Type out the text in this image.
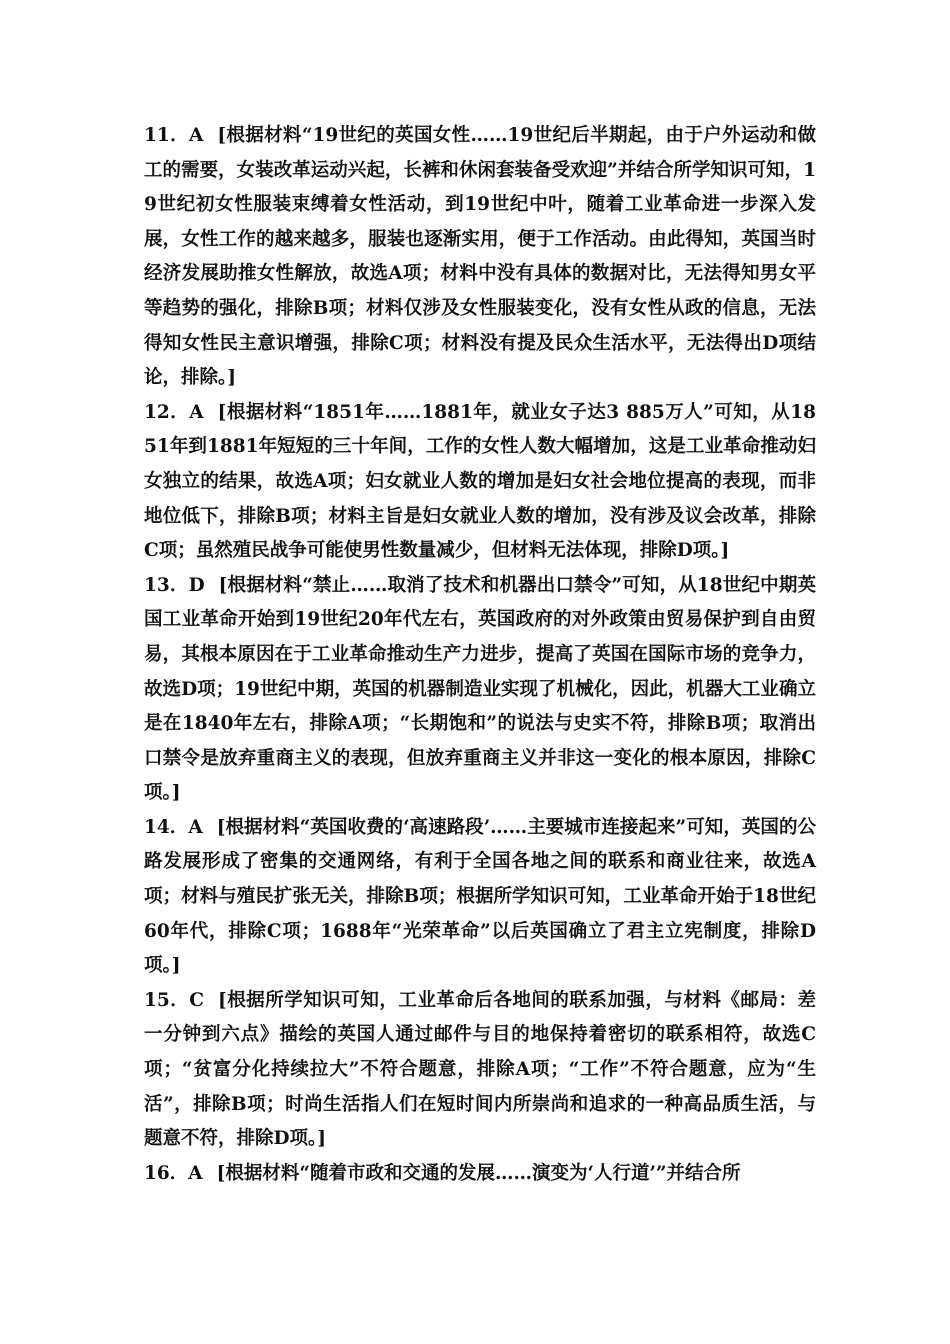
11．A [根据材料“19世纪的英国女性……19世纪后半期起，由于户外运动和做工的需要，女装改革运动兴起，长裤和休闲套装备受欢迎”并结合所学知识可知，19世纪初女性服装束缚着女性活动，到19世纪中叶，随着工业革命进一步深入发展，女性工作的越来越多，服装也逐渐实用，便于工作活动。由此得知，英国当时经济发展助推女性解放，故选A项；材料中没有具体的数据对比，无法得知男女平等趋势的强化，排除B项；材料仅涉及女性服装变化，没有女性从政的信息，无法得知女性民主意识增强，排除C项；材料没有提及民众生活水平，无法得出D项结论，排除。]

12．A [根据材料“1851年……1881年，就业女子达3 885万人”可知，从1851年到1881年短短的三十年间，工作的女性人数大幅增加，这是工业革命推动妇女独立的结果，故选A项；妇女就业人数的增加是妇女社会地位提高的表现，而非地位低下，排除B项；材料主旨是妇女就业人数的增加，没有涉及议会改革，排除C项；虽然殖民战争可能使男性数量减少，但材料无法体现，排除D项。]

13．D [根据材料“禁止……取消了技术和机器出口禁令”可知，从18世纪中期英国工业革命开始到19世纪20年代左右，英国政府的对外政策由贸易保护到自由贸易，其根本原因在于工业革命推动生产力进步，提高了英国在国际市场的竞争力，故选D项；19世纪中期，英国的机器制造业实现了机械化，因此，机器大工业确立是在1840年左右，排除A项；“长期饱和”的说法与史实不符，排除B项；取消出口禁令是放弃重商主义的表现，但放弃重商主义并非这一变化的根本原因，排除C项。]

14．A [根据材料“英国收费的‘高速路段’……主要城市连接起来”可知，英国的公路发展形成了密集的交通网络，有利于全国各地之间的联系和商业往来，故选A项；材料与殖民扩张无关，排除B项；根据所学知识可知，工业革命开始于18世纪60年代，排除C项；1688年“光荣革命”以后英国确立了君主立宪制度，排除D项。]

15．C [根据所学知识可知，工业革命后各地间的联系加强，与材料《邮局：差一分钟到六点》描绘的英国人通过邮件与目的地保持着密切的联系相符，故选C项；“贫富分化持续拉大”不符合题意，排除A项；“工作”不符合题意，应为“生活”，排除B项；时尚生活指人们在短时间内所崇尚和追求的一种高品质生活，与题意不符，排除D项。]

16．A [根据材料“随着市政和交通的发展……演变为‘人行道’”并结合所
